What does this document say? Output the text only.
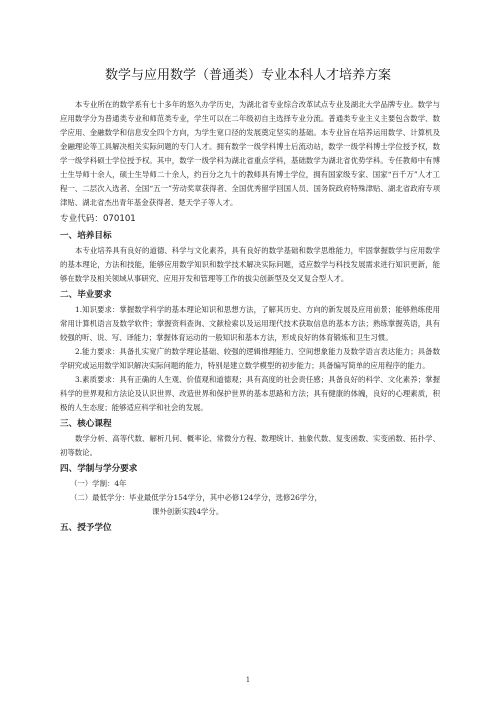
数学与应用数学（普通类）专业本科人才培养方案

本专业所在的数学系有七十多年的悠久办学历史，为湖北省专业综合改革试点专业及湖北大学品牌专业。数学与应用数学分为普通类专业和师范类专业，学生可以在二年级初自主选择专业分流。普通类专业主义主要包含数学、数学应用、金融数学和信息安全四个方向，为学生宽口径的发展奠定坚实的基础。本专业旨在培养运用数学、计算机及金融理论等工具解决相关实际问题的专门人才。拥有数学一级学科博士后流动站，数学一级学科博士学位授予权，数学一级学科硕士学位授予权。其中，数学一级学科为湖北省重点学科，基础数学为湖北省优势学科。专任教师中有博士生导师十余人，硕士生导师二十余人，约百分之九十的教师具有博士学位，拥有国家级专家、国家“百千万”人才工程一、二层次入选者、全国“五一”劳动奖章获得者、全国优秀留学回国人员、国务院政府特殊津贴、湖北省政府专项津贴、湖北省杰出青年基金获得者、楚天学子等人才。

专业代码：070101
一、培养目标

本专业培养具有良好的道德、科学与文化素养，具有良好的数学基础和数学思维能力，牢固掌握数学与应用数学的基本理论，方法和技能，能够应用数学知识和数学技术解决实际问题，适应数学与科技发展需求进行知识更新，能够在数学及相关领域从事研究、应用开发和管理等工作的拔尖创新型及交叉复合型人才。

二、毕业要求

1.知识要求：掌握数学科学的基本理论知识和思想方法，了解其历史、方向的新发展及应用前景；能够熟练使用常用计算机语言及数学软件；掌握资料查询、文献检索以及运用现代技术获取信息的基本方法；熟练掌握英语，具有较强的听、说、写、译能力；掌握体育运动的一般知识和基本方法，形成良好的体育锻炼和卫生习惯。

2.能力要求：具备扎实宽广的数学理论基础、较强的逻辑推理能力、空间想象能力及数学语言表达能力；具备数学研究或运用数学知识解决实际问题的能力，特别是建立数学模型的初步能力；具备编写简单的应用程序的能力。

3.素质要求：具有正确的人生观、价值观和道德观；具有高度的社会责任感；具备良好的科学、文化素养；掌握科学的世界观和方法论及认识世界、改造世界和保护世界的基本思路和方法；具有健康的体魄，良好的心理素质，积极的人生态度；能够适应科学和社会的发展。

三、核心课程

数学分析、高等代数、解析几何、概率论、常微分方程、数理统计、抽象代数、复变函数、实变函数、拓扑学、初等数论。

四、学制与学分要求

（一）学制：4年

（二）最低学分：毕业最低学分154学分，其中必修124学分，选修26学分，

课外创新实践4学分。

五、授予学位
1
